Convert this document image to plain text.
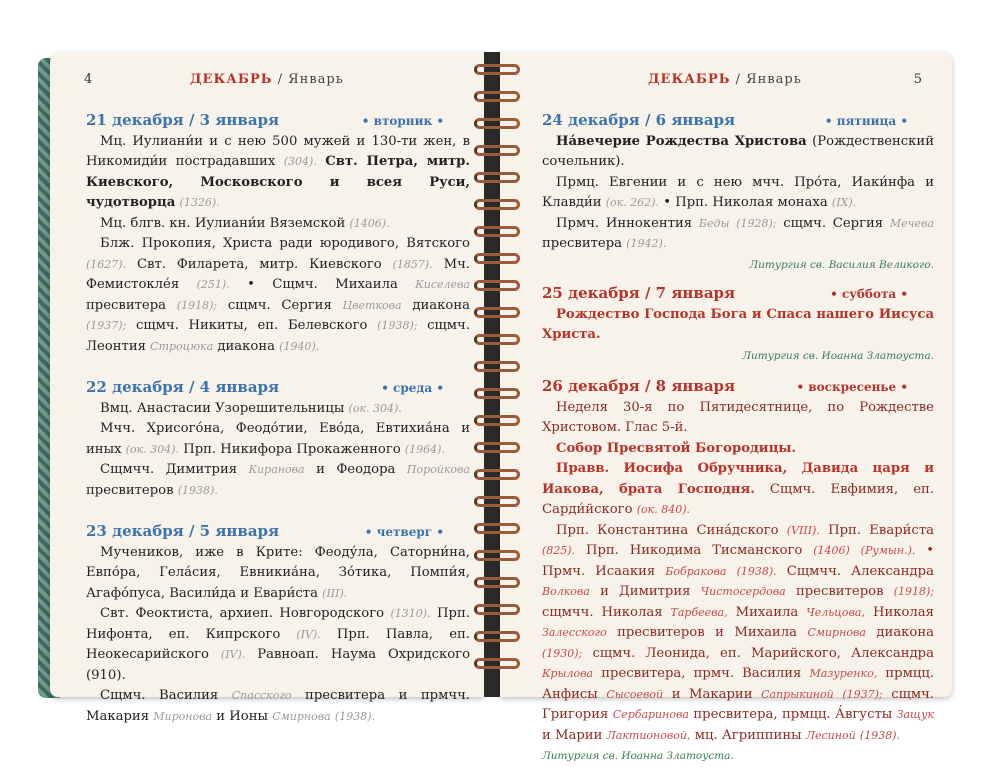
4	ДЕКАБРЬ / Январь
21 декабря / 3 января	• вторник •

Мц. Иулиани́и и с нею 500 мужей и 130-ти жен, в Никомиди́и пострадавших (304). Свт. Петра, митр. Киевского, Московского и всея Руси, чудотворца (1326).

Мц. блгв. кн. Иулиани́и Вяземской (1406).

Блж. Прокопия, Христа ради юродивого, Вятского (1627). Свт. Филарета, митр. Киевского (1857). Мч. Фемистокле́я (251). • Сщмч. Михаила Киселева пресвитера (1918); сщмч. Сергия Цветкова диакона (1937); сщмч. Никиты, еп. Белевского (1938); сщмч. Леонтия Строцюка диакона (1940).

22 декабря / 4 января	• среда •

Вмц. Анастасии Узорешительницы (ок. 304).

Мчч. Хрисого́на, Феодо́тии, Ево́да, Евтихиа́на и иных (ок. 304). Прп. Никифора Прокаженного (1964).

Сщмчч. Димитрия Киранова и Феодора Поройкова пресвитеров (1938).

23 декабря / 5 января	• четверг •

Мучеников, иже в Крите: Феоду́ла, Саторни́на, Евпо́ра, Гела́сия, Евникиа́на, Зо́тика, Помпи́я, Агафо́пуса, Васили́да и Евари́ста (III).

Свт. Феоктиста, архиеп. Новгородского (1310). Прп. Нифонта, еп. Кипрского (IV). Прп. Павла, еп. Неокесарийского (IV). Равноап. Наума Охридского (910).

Сщмч. Василия Спасского пресвитера и прмчч. Макария Миронова и Ионы Смирнова (1938).

ДЕКАБРЬ / Январь	5
24 декабря / 6 января	• пятница •

На́вечерие Рождества Христова (Рождественский сочельник).

Прмц. Евгении и с нею мчч. Про́та, Иаки́нфа и Клавди́и (ок. 262). • Прп. Николая монаха (IX).

Прмч. Иннокентия Беды (1928); сщмч. Сергия Мечева пресвитера (1942).

Литургия св. Василия Великого.
25 декабря / 7 января	• суббота •

Рождество Господа Бога и Спаса нашего Иисуса Христа.

Литургия св. Иоанна Златоуста.
26 декабря / 8 января	• воскресенье •

Неделя 30-я по Пятидесятнице, по Рождестве Христовом. Глас 5-й.

Собор Пресвятой Богородицы.

Правв. Иосифа Обручника, Давида царя и Иакова, брата Господня. Сщмч. Евфимия, еп. Сарди́йского (ок. 840).

Прп. Константина Сина́дского (VIII). Прп. Евари́ста (825). Прп. Никодима Тисманского (1406) (Румын.). • Прмч. Исаакия Бобракова (1938). Сщмчч. Александра Волкова и Димитрия Чистосердова пресвитеров (1918); сщмчч. Николая Тарбеева, Михаила Чельцова, Николая Залесского пресвитеров и Михаила Смирнова диакона (1930); сщмч. Леонида, еп. Марийского, Александра Крылова пресвитера, прмч. Василия Мазуренко, прмцц. Анфисы Сысоевой и Макарии Сапрыкиной (1937); сщмч. Григория Сербаринова пресвитера, прмцц. А́вгусты Защук и Марии Лактионовой, мц. Агриппины Лесиной (1938).

Литургия св. Иоанна Златоуста.
